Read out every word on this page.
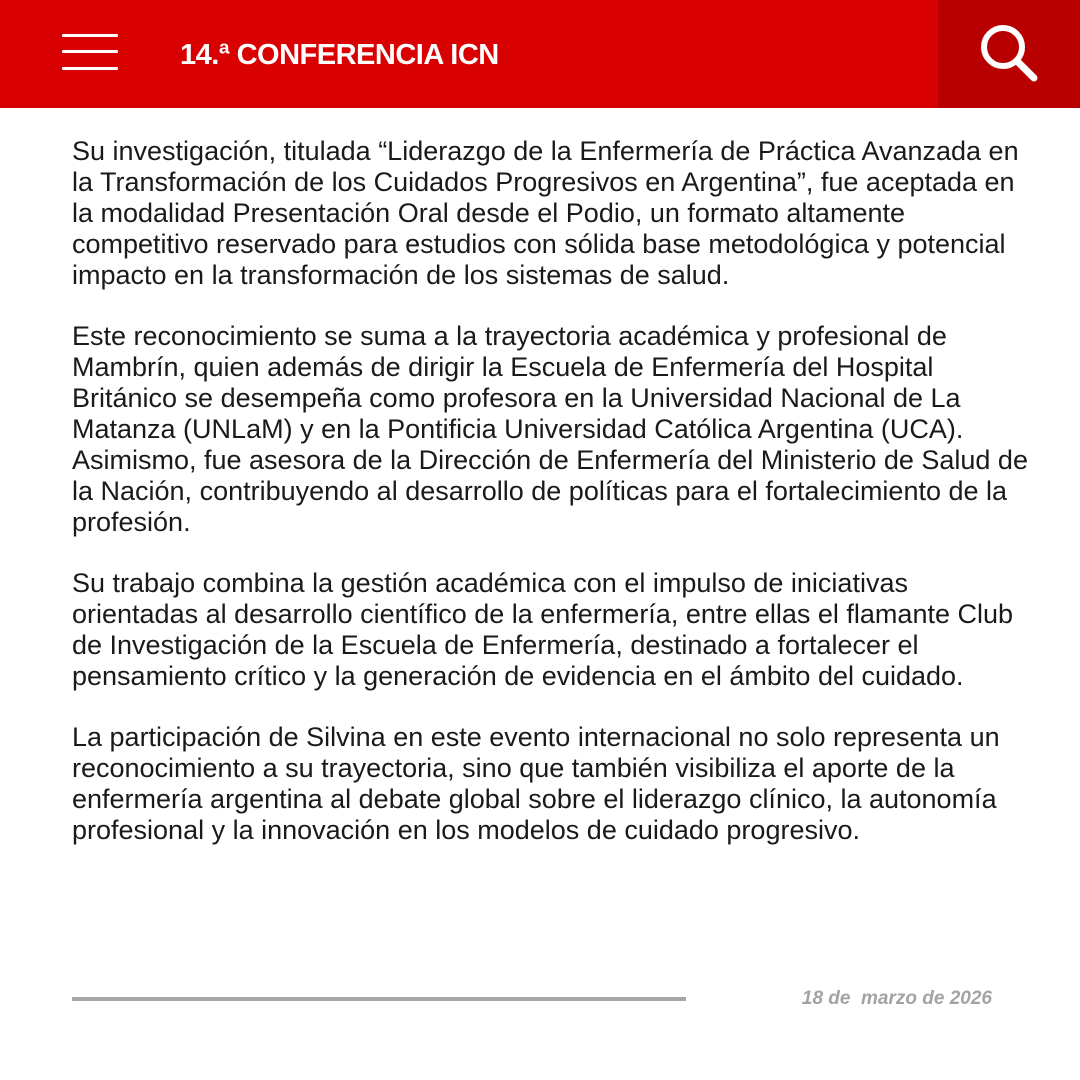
14.ª CONFERENCIA ICN

Su investigación, titulada “Liderazgo de la Enfermería de Práctica Avanzada en la Transformación de los Cuidados Progresivos en Argentina”, fue aceptada en la modalidad Presentación Oral desde el Podio, un formato altamente competitivo reservado para estudios con sólida base metodológica y potencial impacto en la transformación de los sistemas de salud.

Este reconocimiento se suma a la trayectoria académica y profesional de Mambrín, quien además de dirigir la Escuela de Enfermería del Hospital Británico se desempeña como profesora en la Universidad Nacional de La Matanza (UNLaM) y en la Pontificia Universidad Católica Argentina (UCA). Asimismo, fue asesora de la Dirección de Enfermería del Ministerio de Salud de la Nación, contribuyendo al desarrollo de políticas para el fortalecimiento de la profesión.

Su trabajo combina la gestión académica con el impulso de iniciativas orientadas al desarrollo científico de la enfermería, entre ellas el flamante Club de Investigación de la Escuela de Enfermería, destinado a fortalecer el pensamiento crítico y la generación de evidencia en el ámbito del cuidado.

La participación de Silvina en este evento internacional no solo representa un reconocimiento a su trayectoria, sino que también visibiliza el aporte de la enfermería argentina al debate global sobre el liderazgo clínico, la autonomía profesional y la innovación en los modelos de cuidado progresivo.

18 de  marzo de 2026
